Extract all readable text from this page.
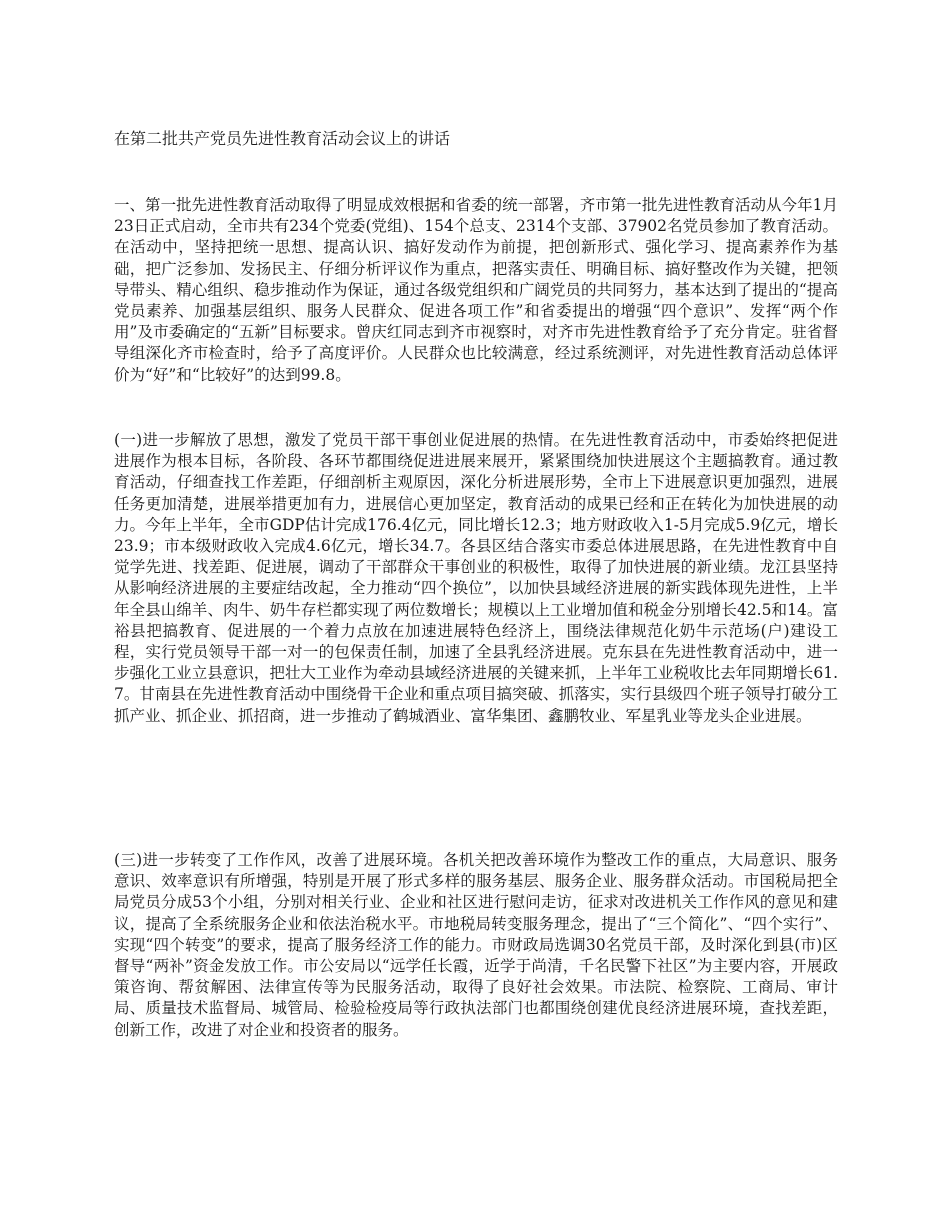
在第二批共产党员先进性教育活动会议上的讲话

一、第一批先进性教育活动取得了明显成效根据和省委的统一部署，齐市第一批先进性教育活动从今年1月23日正式启动，全市共有234个党委(党组)、154个总支、2314个支部、37902名党员参加了教育活动。在活动中，坚持把统一思想、提高认识、搞好发动作为前提，把创新形式、强化学习、提高素养作为基础，把广泛参加、发扬民主、仔细分析评议作为重点，把落实责任、明确目标、搞好整改作为关键，把领导带头、精心组织、稳步推动作为保证，通过各级党组织和广阔党员的共同努力，基本达到了提出的“提高党员素养、加强基层组织、服务人民群众、促进各项工作”和省委提出的增强“四个意识”、发挥“两个作用”及市委确定的“五新”目标要求。曾庆红同志到齐市视察时，对齐市先进性教育给予了充分肯定。驻省督导组深化齐市检查时，给予了高度评价。人民群众也比较满意，经过系统测评，对先进性教育活动总体评价为“好”和“比较好”的达到99.8。

(一)进一步解放了思想，激发了党员干部干事创业促进展的热情。在先进性教育活动中，市委始终把促进进展作为根本目标，各阶段、各环节都围绕促进进展来展开，紧紧围绕加快进展这个主题搞教育。通过教育活动，仔细查找工作差距，仔细剖析主观原因，深化分析进展形势，全市上下进展意识更加强烈，进展任务更加清楚，进展举措更加有力，进展信心更加坚定，教育活动的成果已经和正在转化为加快进展的动力。今年上半年，全市GDP估计完成176.4亿元，同比增长12.3；地方财政收入1-5月完成5.9亿元，增长23.9；市本级财政收入完成4.6亿元，增长34.7。各县区结合落实市委总体进展思路，在先进性教育中自觉学先进、找差距、促进展，调动了干部群众干事创业的积极性，取得了加快进展的新业绩。龙江县坚持从影响经济进展的主要症结改起，全力推动“四个换位”，以加快县域经济进展的新实践体现先进性，上半年全县山绵羊、肉牛、奶牛存栏都实现了两位数增长；规模以上工业增加值和税金分别增长42.5和14。富裕县把搞教育、促进展的一个着力点放在加速进展特色经济上，围绕法律规范化奶牛示范场(户)建设工程，实行党员领导干部一对一的包保责任制，加速了全县乳经济进展。克东县在先进性教育活动中，进一步强化工业立县意识，把壮大工业作为牵动县域经济进展的关键来抓，上半年工业税收比去年同期增长61.7。甘南县在先进性教育活动中围绕骨干企业和重点项目搞突破、抓落实，实行县级四个班子领导打破分工抓产业、抓企业、抓招商，进一步推动了鹤城酒业、富华集团、鑫鹏牧业、军星乳业等龙头企业进展。

(三)进一步转变了工作作风，改善了进展环境。各机关把改善环境作为整改工作的重点，大局意识、服务意识、效率意识有所增强，特别是开展了形式多样的服务基层、服务企业、服务群众活动。市国税局把全局党员分成53个小组，分别对相关行业、企业和社区进行慰问走访，征求对改进机关工作作风的意见和建议，提高了全系统服务企业和依法治税水平。市地税局转变服务理念，提出了“三个简化”、“四个实行”、实现“四个转变”的要求，提高了服务经济工作的能力。市财政局选调30名党员干部，及时深化到县(市)区督导“两补”资金发放工作。市公安局以“远学任长霞，近学于尚清，千名民警下社区”为主要内容，开展政策咨询、帮贫解困、法律宣传等为民服务活动，取得了良好社会效果。市法院、检察院、工商局、审计局、质量技术监督局、城管局、检验检疫局等行政执法部门也都围绕创建优良经济进展环境，查找差距，创新工作，改进了对企业和投资者的服务。
